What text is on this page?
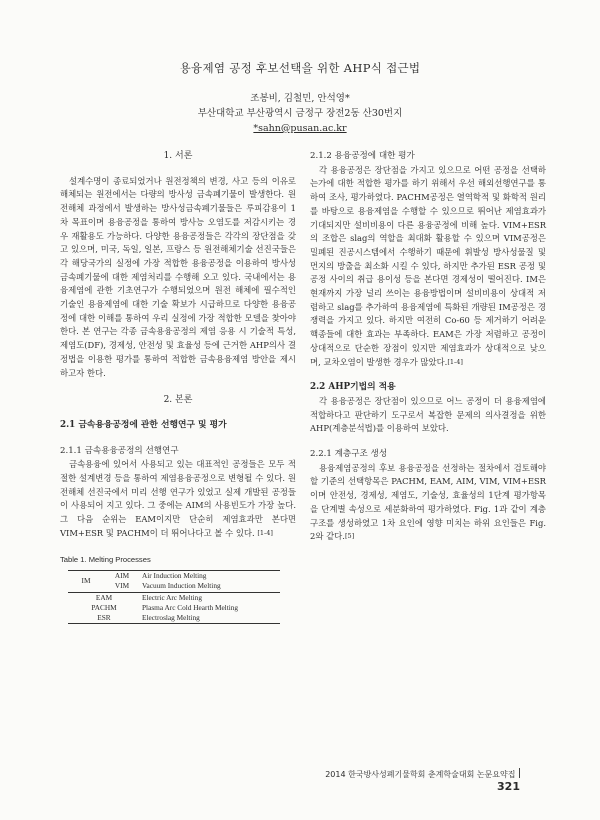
용융제염 공정 후보선택을 위한 AHP식 접근법
조봉비, 김철민, 안석영*
부산대학교 부산광역시 금정구 장전2동 산30번지
*sahn@pusan.ac.kr
1. 서론

설계수명이 종료되었거나 원전정책의 변경, 사고 등의 이유로 해체되는 원전에서는 다량의 방사성 금속폐기물이 발생한다. 원전해체 과정에서 발생하는 방사성금속폐기물들은 루피감용이 1차 목표이며 용융공정을 통하여 방사능 오염도를 저감시키는 경우 재활용도 가능하다. 다양한 용융공정들은 각각의 장단점을 갖고 있으며, 미국, 독일, 일본, 프랑스 등 원전해체기술 선진국들은 각 해당국가의 실정에 가장 적합한 용융공정을 이용하여 방사성금속폐기물에 대한 제염처리를 수행해 오고 있다. 국내에서는 용융제염에 관한 기초연구가 수행되었으며 원전 해체에 필수적인 기술인 용융제염에 대한 기술 확보가 시급하므로 다양한 용융공정에 대한 이해를 통하여 우리 실정에 가장 적합한 모델을 찾아야 한다. 본 연구는 각종 금속용융공정의 제염 응용 시 기술적 특성, 제염도(DF), 경제성, 안전성 및 효율성 등에 근거한 AHP의사 결정법을 이용한 평가를 통하여 적합한 금속용융제염 방안을 제시하고자 한다.

2. 본론
2.1 금속용융공정에 관한 선행연구 및 평가
2.1.1 금속용융공정의 선행연구

금속용융에 있어서 사용되고 있는 대표적인 공정들은 모두 적절한 설계변경 등을 통하여 제염용융공정으로 변형될 수 있다. 원전해체 선진국에서 미리 선행 연구가 있었고 실제 개발된 공정들이 사용되어 지고 있다. 그 중에는 AIM의 사용빈도가 가장 높다. 그 다음 순위는 EAM이지만 단순히 제염효과만 본다면 VIM+ESR 및 PACHM이 더 뛰어나다고 볼 수 있다. [1-4]

Table 1. Melting Processes
IM	AIM	Air Induction Melting
	VIM	Vacuum Induction Melting
EAM		Electric Arc Melting
PACHM		Plasma Arc Cold Hearth Melting
ESR		Electroslag Melting
2.1.2 용융공정에 대한 평가

각 용융공정은 장단점을 가지고 있으므로 어떤 공정을 선택하는가에 대한 적합한 평가를 하기 위해서 우선 해외선행연구를 통하여 조사, 평가하였다. PACHM공정은 열역학적 및 화학적 원리를 바탕으로 용융제염을 수행할 수 있으므로 뛰어난 제염효과가 기대되지만 설비비용이 다른 용융공정에 비해 높다. VIM+ESR의 조합은 slag의 역할을 최대화 활용할 수 있으며 VIM공정은 밀폐된 진공시스템에서 수행하기 때문에 휘발성 방사성물질 및 먼지의 방출을 최소화 시킬 수 있다, 하지만 추가된 ESR 공정 및 공정 사이의 취급 용이성 등을 본다면 경제성이 떨어진다. IM은 현재까지 가장 널리 쓰이는 용융방법이며 설비비용이 상대적 저렴하고 slag를 추가하여 용융제염에 특화된 개량된 IM공정은 경쟁력을 가지고 있다. 하지만 여전히 Co-60 등 제거하기 어려운 핵종들에 대한 효과는 부족하다. EAM은 가장 저렴하고 공정이 상대적으로 단순한 장점이 있지만 제염효과가 상대적으로 낮으며, 교차오염이 발생한 경우가 많았다.[1-4]

2.2 AHP기법의 적용

각 용융공정은 장단점이 있으므로 어느 공정이 더 용융제염에 적합하다고 판단하기 도구로서 복잡한 문제의 의사결정을 위한 AHP(계층분석법)를 이용하여 보았다.

2.2.1 계층구조 생성

용융제염공정의 후보 용융공정을 선정하는 절차에서 검토해야할 기준의 선택항목은 PACHM, EAM, AIM, VIM, VIM+ESR이며 안전성, 경제성, 제염도, 기술성, 효율성의 1단계 평가항목을 단계별 속성으로 세분화하여 평가하였다. Fig. 1과 같이 계층구조를 생성하였고 1차 요인에 영향 미치는 하위 요인들은 Fig. 2와 같다.[5]

2014 한국방사성폐기물학회 춘계학술대회 논문요약집321
